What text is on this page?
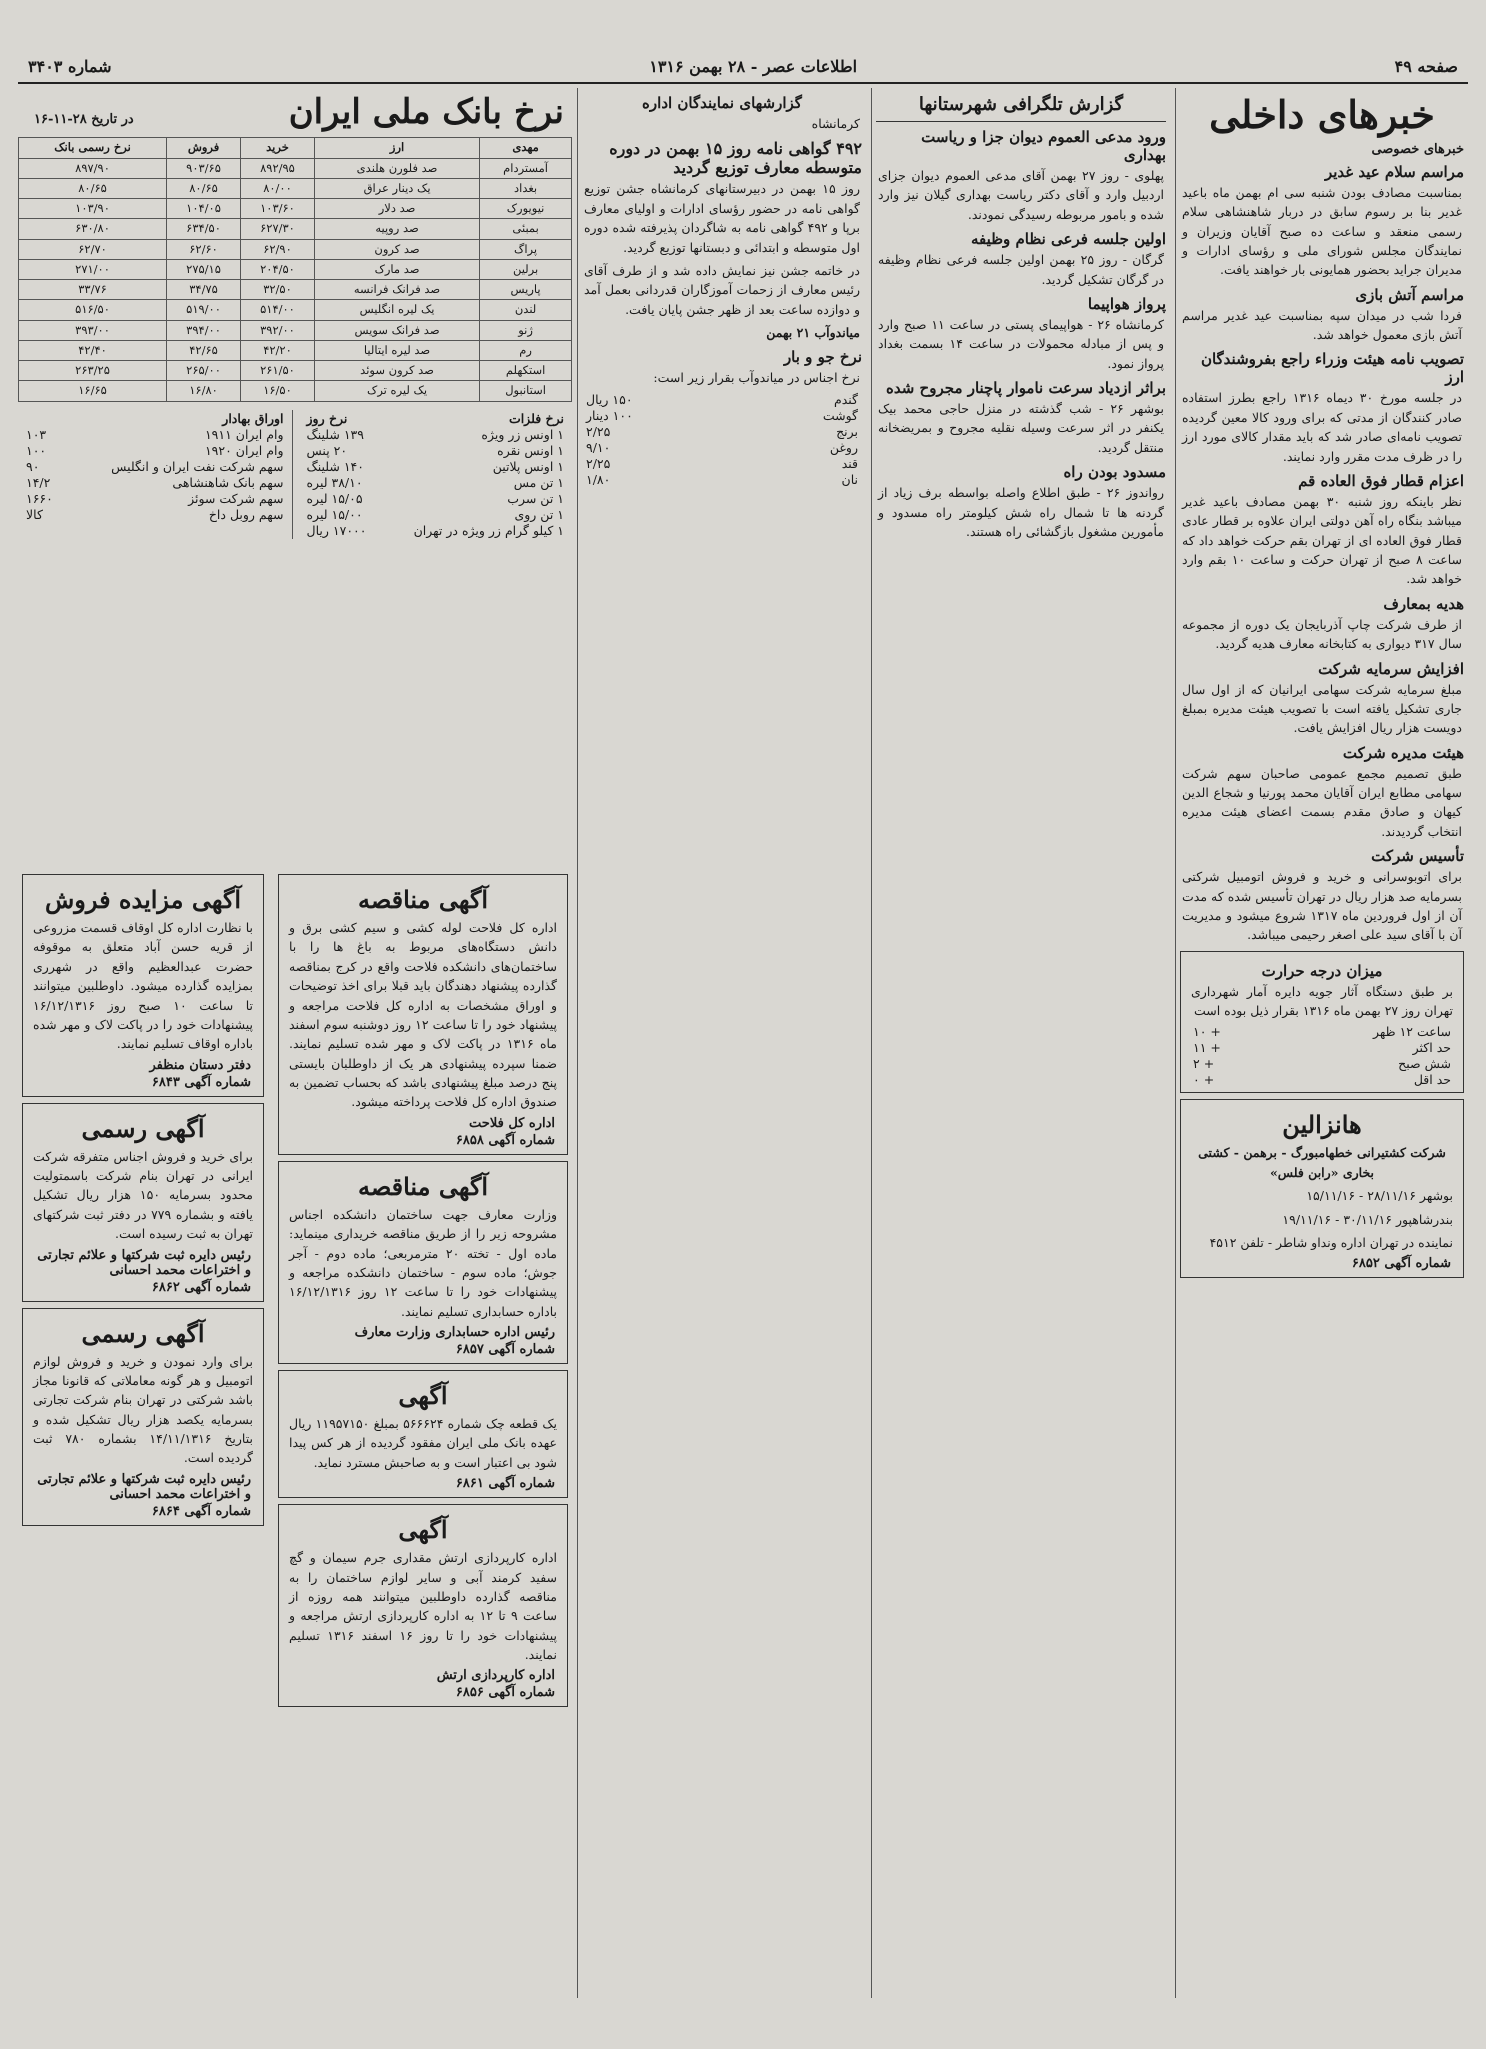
صفحه ۴۹
اطلاعات عصر - ۲۸ بهمن ۱۳۱۶
شماره ۳۴۰۳
خبرهای داخلی
خبرهای خصوصی
مراسم سلام عید غدیر
بمناسبت مصادف بودن شنبه سی ام بهمن ماه باعید غدیر بنا بر رسوم سابق در دربار شاهنشاهی سلام رسمی منعقد و ساعت ده صبح آقایان وزیران و نمایندگان مجلس شورای ملی و رؤسای ادارات و مدیران جراید بحضور همایونی بار خواهند یافت.
مراسم آتش بازی
فردا شب در میدان سپه بمناسبت عید غدیر مراسم آتش بازی معمول خواهد شد.
تصویب نامه هیئت وزراء راجع بفروشندگان ارز
در جلسه مورخ ۳۰ دیماه ۱۳۱۶ راجع بطرز استفاده صادر کنندگان از مدتی که برای ورود کالا معین گردیده تصویب نامه‌ای صادر شد که باید مقدار کالای مورد ارز را در ظرف مدت مقرر وارد نمایند.
اعزام قطار فوق العاده قم
نظر باینکه روز شنبه ۳۰ بهمن مصادف باعید غدیر میباشد بنگاه راه آهن دولتی ایران علاوه بر قطار عادی قطار فوق العاده ای از تهران بقم حرکت خواهد داد که ساعت ۸ صبح از تهران حرکت و ساعت ۱۰ بقم وارد خواهد شد.
هدیه بمعارف
از طرف شرکت چاپ آذربایجان یک دوره از مجموعه سال ۳۱۷ دیواری به کتابخانه معارف هدیه گردید.
افزایش سرمایه شرکت
مبلغ سرمایه شرکت سهامی ایرانیان که از اول سال جاری تشکیل یافته است با تصویب هیئت مدیره بمبلغ دویست هزار ریال افزایش یافت.
هیئت مدیره شرکت
طبق تصمیم مجمع عمومی صاحبان سهم شرکت سهامی مطابع ایران آقایان محمد پورنیا و شجاع الدین کیهان و صادق مقدم بسمت اعضای هیئت مدیره انتخاب گردیدند.
تأسیس شرکت
برای اتوبوسرانی و خرید و فروش اتومبیل شرکتی بسرمایه صد هزار ریال در تهران تأسیس شده که مدت آن از اول فروردین ماه ۱۳۱۷ شروع میشود و مدیریت آن با آقای سید علی اصغر رحیمی میباشد.
میزان درجه حرارت
بر طبق دستگاه آثار جویه دایره آمار شهرداری تهران روز ۲۷ بهمن ماه ۱۳۱۶ بقرار ذیل بوده است
ساعت ۱۲ ظهر
+ ۱۰
حد اکثر
+ ۱۱
شش صبح
+ ۲
حد اقل
+ ۰
هانزالین
شرکت کشتیرانی خطهامبورگ - برهمن - کشتی بخاری «رابن فلس»
بوشهر ۲۸/۱۱/۱۶ - ۱۵/۱۱/۱۶
بندرشاهپور ۳۰/۱۱/۱۶ - ۱۹/۱۱/۱۶
نماینده در تهران اداره ونداو شاطر - تلفن ۴۵۱۲
شماره آگهی ۶۸۵۲
گزارش تلگرافی شهرستانها
ورود مدعی العموم دیوان جزا و ریاست بهداری
پهلوی - روز ۲۷ بهمن آقای مدعی العموم دیوان جزای اردبیل وارد و آقای دکتر ریاست بهداری گیلان نیز وارد شده و بامور مربوطه رسیدگی نمودند.
اولین جلسه فرعی نظام وظیفه
گرگان - روز ۲۵ بهمن اولین جلسه فرعی نظام وظیفه در گرگان تشکیل گردید.
پرواز هواپیما
کرمانشاه ۲۶ - هواپیمای پستی در ساعت ۱۱ صبح وارد و پس از مبادله محمولات در ساعت ۱۴ بسمت بغداد پرواز نمود.
براثر ازدیاد سرعت ناموار پاچنار مجروح شده
بوشهر ۲۶ - شب گذشته در منزل حاجی محمد بیک یکنفر در اثر سرعت وسیله نقلیه مجروح و بمریضخانه منتقل گردید.
مسدود بودن راه
رواندوز ۲۶ - طبق اطلاع واصله بواسطه برف زیاد از گردنه ها تا شمال راه شش کیلومتر راه مسدود و مأمورین مشغول بازگشائی راه هستند.
گزارشهای نمایندگان اداره
کرمانشاه
۴۹۲ گواهی نامه روز ۱۵ بهمن در دوره متوسطه معارف توزیع گردید
روز ۱۵ بهمن در دبیرستانهای کرمانشاه جشن توزیع گواهی نامه در حضور رؤسای ادارات و اولیای معارف برپا و ۴۹۲ گواهی نامه به شاگردان پذیرفته شده دوره اول متوسطه و ابتدائی و دبستانها توزیع گردید.
در خاتمه جشن نیز نمایش داده شد و از طرف آقای رئیس معارف از زحمات آموزگاران قدردانی بعمل آمد و دوازده ساعت بعد از ظهر جشن پایان یافت.
میاندوآب ۲۱ بهمن
نرخ جو و بار
نرخ اجناس در میاندوآب بقرار زیر است:
گندم
۱۵۰ ریال
گوشت
۱۰۰ دینار
برنج
۲/۲۵
روغن
۹/۱۰
قند
۲/۲۵
نان
۱/۸۰
نرخ بانک ملی ایران
در تاریخ ۲۸-۱۱-۱۶
مهدی	ارز	خرید	فروش	نرخ رسمی بانک
آمستردام	صد فلورن هلندی	۸۹۲/۹۵	۹۰۳/۶۵	۸۹۷/۹۰
بغداد	یک دینار عراق	۸۰/۰۰	۸۰/۶۵	۸۰/۶۵
نیویورک	صد دلار	۱۰۳/۶۰	۱۰۴/۰۵	۱۰۳/۹۰
بمبئی	صد روپیه	۶۲۷/۳۰	۶۳۴/۵۰	۶۳۰/۸۰
پراگ	صد کرون	۶۲/۹۰	۶۲/۶۰	۶۲/۷۰
برلین	صد مارک	۲۰۴/۵۰	۲۷۵/۱۵	۲۷۱/۰۰
پاریس	صد فرانک فرانسه	۳۲/۵۰	۳۴/۷۵	۳۳/۷۶
لندن	یک لیره انگلیس	۵۱۴/۰۰	۵۱۹/۰۰	۵۱۶/۵۰
ژنو	صد فرانک سویس	۳۹۲/۰۰	۳۹۴/۰۰	۳۹۳/۰۰
رم	صد لیره ایتالیا	۴۲/۲۰	۴۲/۶۵	۴۲/۴۰
استکهلم	صد کرون سوئد	۲۶۱/۵۰	۲۶۵/۰۰	۲۶۳/۲۵
استانبول	یک لیره ترک	۱۶/۵۰	۱۶/۸۰	۱۶/۶۵
نرخ فلزات
نرخ روز
۱ اونس زر ویژه
۱۳۹ شلینگ
۱ اونس نقره
۲۰ پنس
۱ اونس پلاتین
۱۴۰ شلینگ
۱ تن مس
۳۸/۱۰ لیره
۱ تن سرب
۱۵/۰۵ لیره
۱ تن روی
۱۵/۰۰ لیره
۱ کیلو گرام زر ویژه در تهران
۱۷۰۰۰ ریال
اوراق بهادار
وام ایران ۱۹۱۱
۱۰۳
وام ایران ۱۹۲۰
۱۰۰
سهم شرکت نفت ایران و انگلیس
۹۰
سهم بانک شاهنشاهی
۱۴/۲
سهم شرکت سوئز
۱۶۶۰
سهم روبل داخ
کالا
آگهی مناقصه
اداره کل فلاحت لوله کشی و سیم کشی برق و دانش دستگاه‌های مربوط به باغ ها را با ساختمان‌های دانشکده فلاحت واقع در کرج بمناقصه گذارده پیشنهاد دهندگان باید قبلا برای اخذ توضیحات و اوراق مشخصات به اداره کل فلاحت مراجعه و پیشنهاد خود را تا ساعت ۱۲ روز دوشنبه سوم اسفند ماه ۱۳۱۶ در پاکت لاک و مهر شده تسلیم نمایند. ضمنا سپرده پیشنهادی هر یک از داوطلبان بایستی پنج درصد مبلغ پیشنهادی باشد که بحساب تضمین به صندوق اداره کل فلاحت پرداخته میشود.
اداره کل فلاحت
شماره آگهی ۶۸۵۸
آگهی مناقصه
وزارت معارف جهت ساختمان دانشکده اجناس مشروحه زیر را از طریق مناقصه خریداری مینماید: ماده اول - تخته ۲۰ مترمربعی؛ ماده دوم - آجر جوش؛ ماده سوم - ساختمان دانشکده مراجعه و پیشنهادات خود را تا ساعت ۱۲ روز ۱۶/۱۲/۱۳۱۶ باداره حسابداری تسلیم نمایند.
رئیس اداره حسابداری وزارت معارف
شماره آگهی ۶۸۵۷
آگهی
یک قطعه چک شماره ۵۶۶۶۲۴ بمبلغ ۱۱۹۵۷۱۵۰ ریال عهده بانک ملی ایران مفقود گردیده از هر کس پیدا شود بی اعتبار است و به صاحبش مسترد نماید.
شماره آگهی ۶۸۶۱
آگهی
اداره کارپردازی ارتش مقداری جرم سیمان و گچ سفید کرمند آبی و سایر لوازم ساختمان را به مناقصه گذارده داوطلبین میتوانند همه روزه از ساعت ۹ تا ۱۲ به اداره کارپردازی ارتش مراجعه و پیشنهادات خود را تا روز ۱۶ اسفند ۱۳۱۶ تسلیم نمایند.
اداره کارپردازی ارتش
شماره آگهی ۶۸۵۶
آگهی مزایده فروش
با نظارت اداره کل اوقاف قسمت مزروعی از قریه حسن آباد متعلق به موقوفه حضرت عبدالعظیم واقع در شهرری بمزایده گذارده میشود. داوطلبین میتوانند تا ساعت ۱۰ صبح روز ۱۶/۱۲/۱۳۱۶ پیشنهادات خود را در پاکت لاک و مهر شده باداره اوقاف تسلیم نمایند.
دفتر دستان منظفر
شماره آگهی ۶۸۴۳
آگهی رسمی
برای خرید و فروش اجناس متفرقه شرکت ایرانی در تهران بنام شرکت باسمتولیت محدود بسرمایه ۱۵۰ هزار ریال تشکیل یافته و بشماره ۷۷۹ در دفتر ثبت شرکتهای تهران به ثبت رسیده است.
رئیس دایره ثبت شرکتها و علائم تجارتی و اختراعات محمد احسانی
شماره آگهی ۶۸۶۲
آگهی رسمی
برای وارد نمودن و خرید و فروش لوازم اتومبیل و هر گونه معاملاتی که قانونا مجاز باشد شرکتی در تهران بنام شرکت تجارتی بسرمایه یکصد هزار ریال تشکیل شده و بتاریخ ۱۴/۱۱/۱۳۱۶ بشماره ۷۸۰ ثبت گردیده است.
رئیس دایره ثبت شرکتها و علائم تجارتی و اختراعات محمد احسانی
شماره آگهی ۶۸۶۴
